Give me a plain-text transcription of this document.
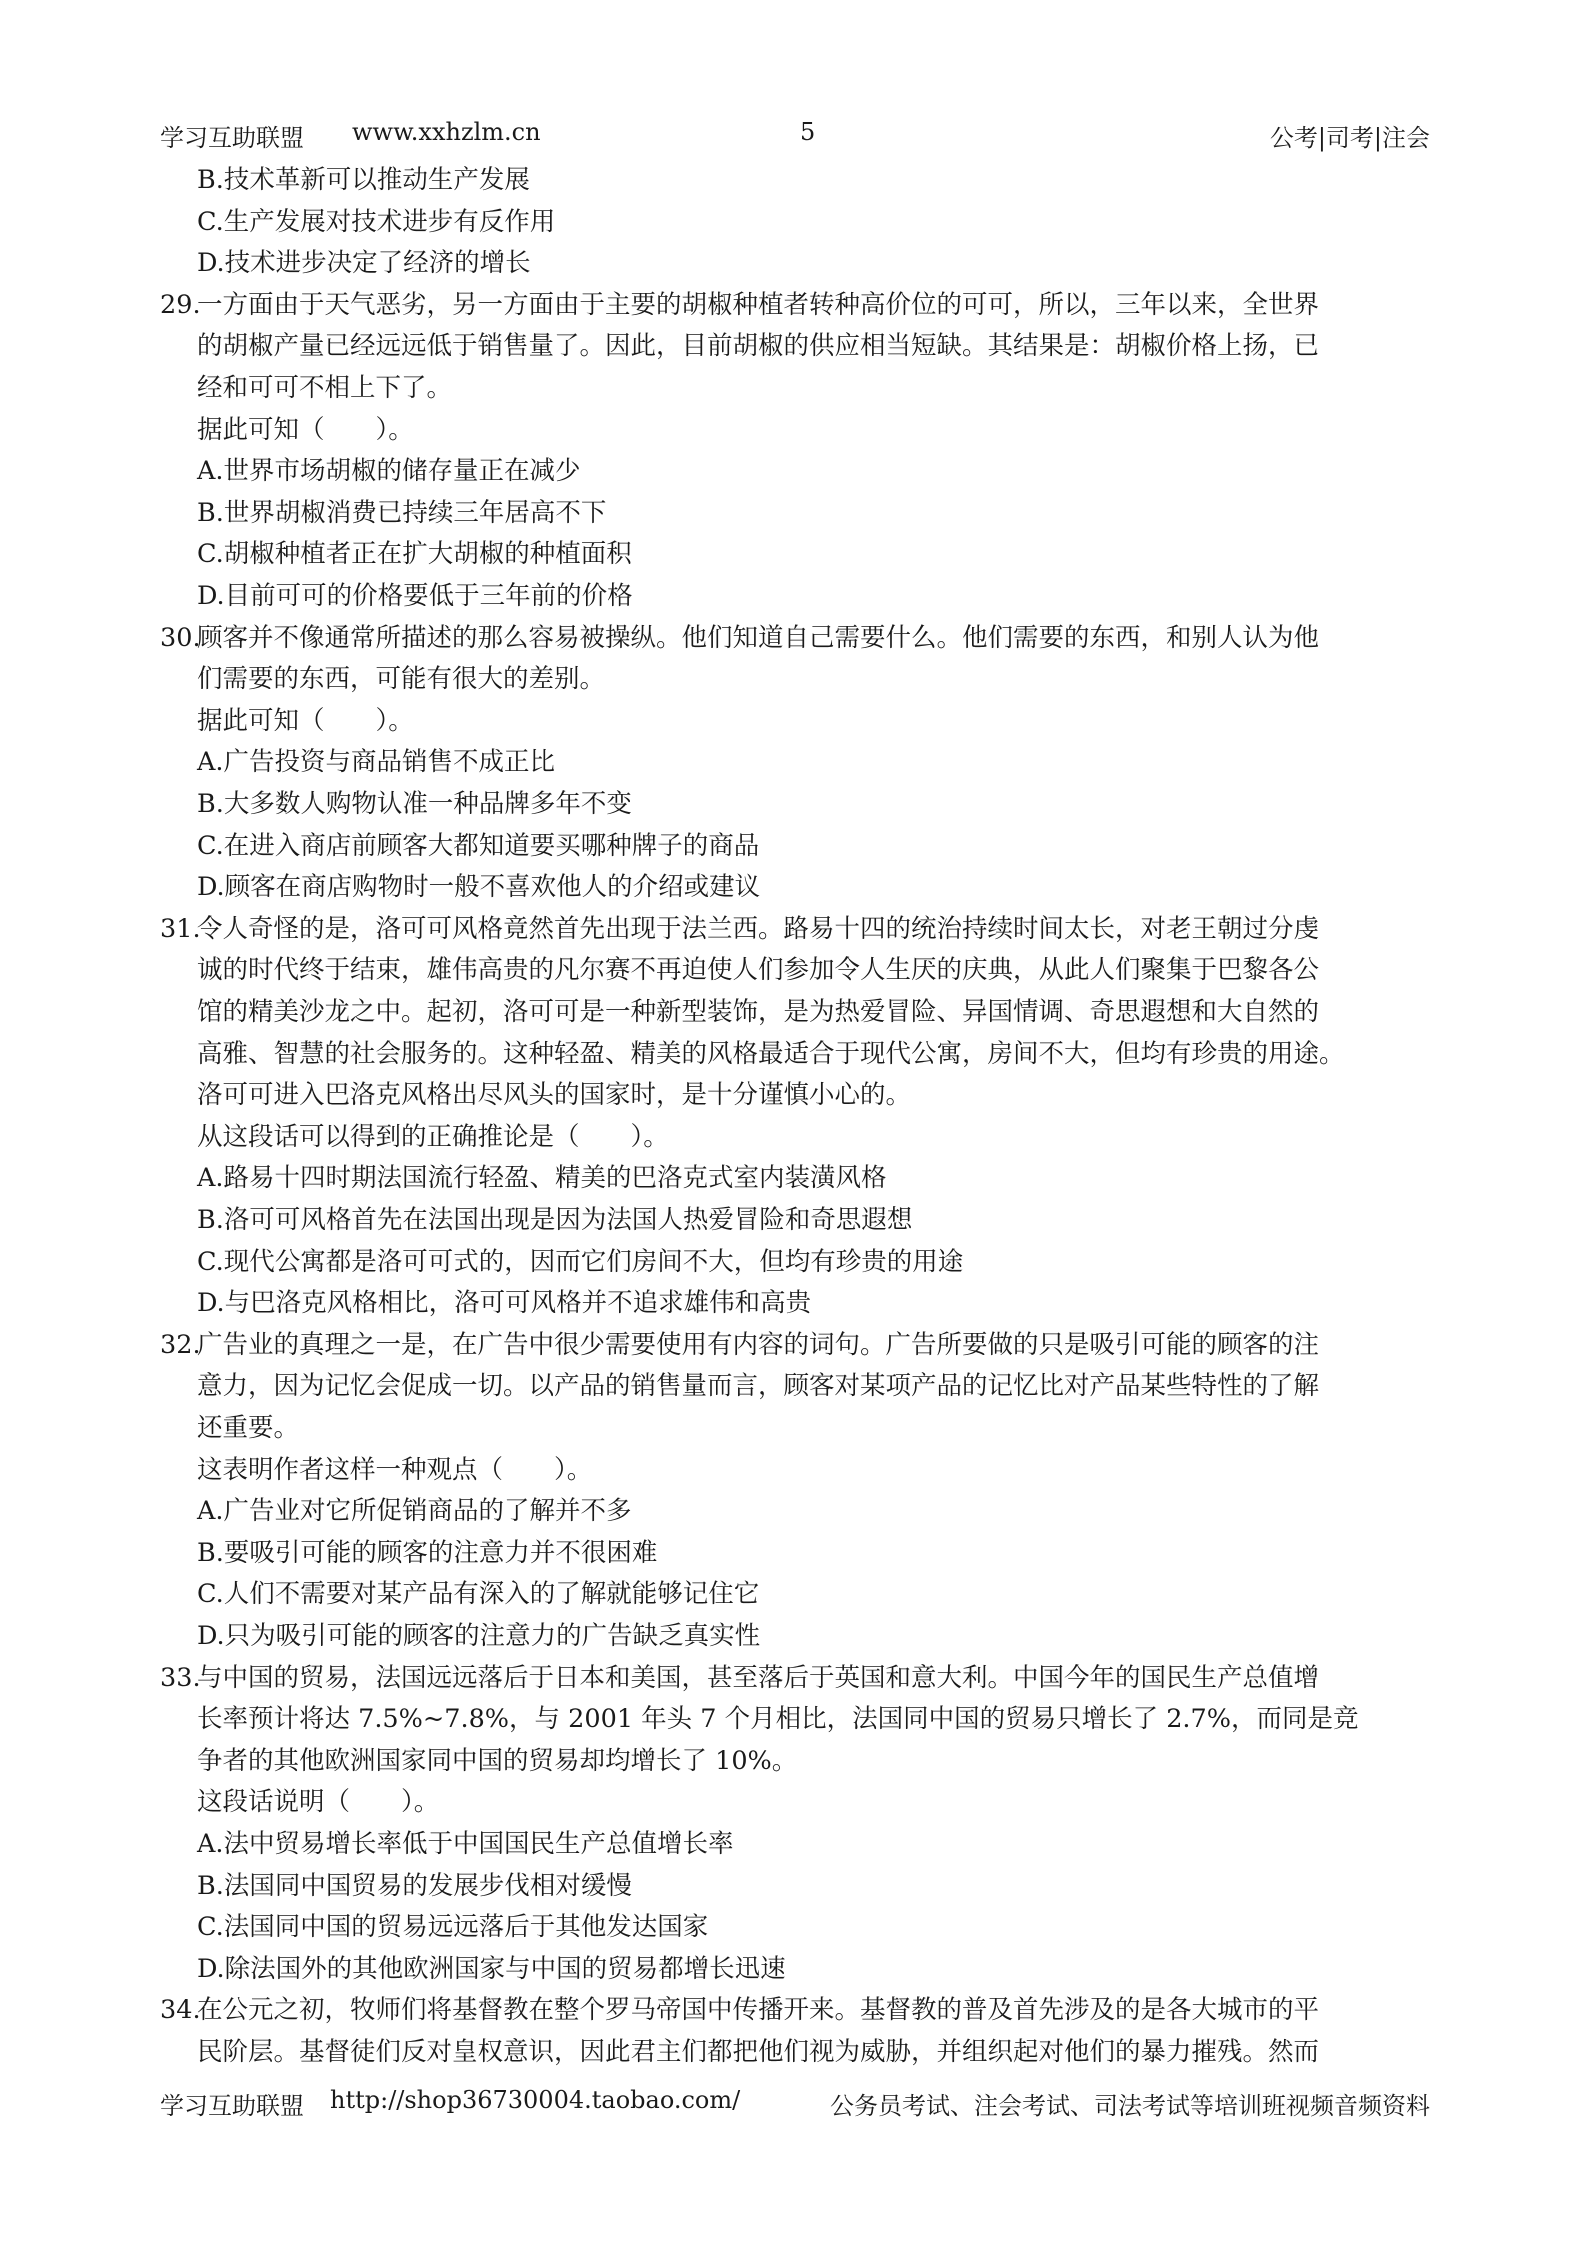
学习互助联盟 www.xxhzlm.cn	5	公考|司考|注会
B.技术革新可以推动生产发展
C.生产发展对技术进步有反作用
D.技术进步决定了经济的增长
一方面由于天气恶劣，另一方面由于主要的胡椒种植者转种高价位的可可，所以，三年以来，全世界
29.
的胡椒产量已经远远低于销售量了。因此，目前胡椒的供应相当短缺。其结果是：胡椒价格上扬，已
经和可可不相上下了。
据此可知（　　）。
A.世界市场胡椒的储存量正在减少
B.世界胡椒消费已持续三年居高不下
C.胡椒种植者正在扩大胡椒的种植面积
D.目前可可的价格要低于三年前的价格
顾客并不像通常所描述的那么容易被操纵。他们知道自己需要什么。他们需要的东西，和别人认为他
30.
们需要的东西，可能有很大的差别。
据此可知（　　）。
A.广告投资与商品销售不成正比
B.大多数人购物认准一种品牌多年不变
C.在进入商店前顾客大都知道要买哪种牌子的商品
D.顾客在商店购物时一般不喜欢他人的介绍或建议
令人奇怪的是，洛可可风格竟然首先出现于法兰西。路易十四的统治持续时间太长，对老王朝过分虔
31.
诚的时代终于结束，雄伟高贵的凡尔赛不再迫使人们参加令人生厌的庆典，从此人们聚集于巴黎各公
馆的精美沙龙之中。起初，洛可可是一种新型装饰，是为热爱冒险、异国情调、奇思遐想和大自然的
高雅、智慧的社会服务的。这种轻盈、精美的风格最适合于现代公寓，房间不大，但均有珍贵的用途。
洛可可进入巴洛克风格出尽风头的国家时，是十分谨慎小心的。
从这段话可以得到的正确推论是（　　）。
A.路易十四时期法国流行轻盈、精美的巴洛克式室内装潢风格
B.洛可可风格首先在法国出现是因为法国人热爱冒险和奇思遐想
C.现代公寓都是洛可可式的，因而它们房间不大，但均有珍贵的用途
D.与巴洛克风格相比，洛可可风格并不追求雄伟和高贵
广告业的真理之一是，在广告中很少需要使用有内容的词句。广告所要做的只是吸引可能的顾客的注
32.
意力，因为记忆会促成一切。以产品的销售量而言，顾客对某项产品的记忆比对产品某些特性的了解
还重要。
这表明作者这样一种观点（　　）。
A.广告业对它所促销商品的了解并不多
B.要吸引可能的顾客的注意力并不很困难
C.人们不需要对某产品有深入的了解就能够记住它
D.只为吸引可能的顾客的注意力的广告缺乏真实性
与中国的贸易，法国远远落后于日本和美国，甚至落后于英国和意大利。中国今年的国民生产总值增
33.
长率预计将达 7.5%~7.8%，与 2001 年头 7 个月相比，法国同中国的贸易只增长了 2.7%，而同是竞
争者的其他欧洲国家同中国的贸易却均增长了 10%。
这段话说明（　　）。
A.法中贸易增长率低于中国国民生产总值增长率
B.法国同中国贸易的发展步伐相对缓慢
C.法国同中国的贸易远远落后于其他发达国家
D.除法国外的其他欧洲国家与中国的贸易都增长迅速
在公元之初，牧师们将基督教在整个罗马帝国中传播开来。基督教的普及首先涉及的是各大城市的平
34.
民阶层。基督徒们反对皇权意识，因此君主们都把他们视为威胁，并组织起对他们的暴力摧残。然而
学习互助联盟 http://shop36730004.taobao.com/	公务员考试、注会考试、司法考试等培训班视频音频资料
